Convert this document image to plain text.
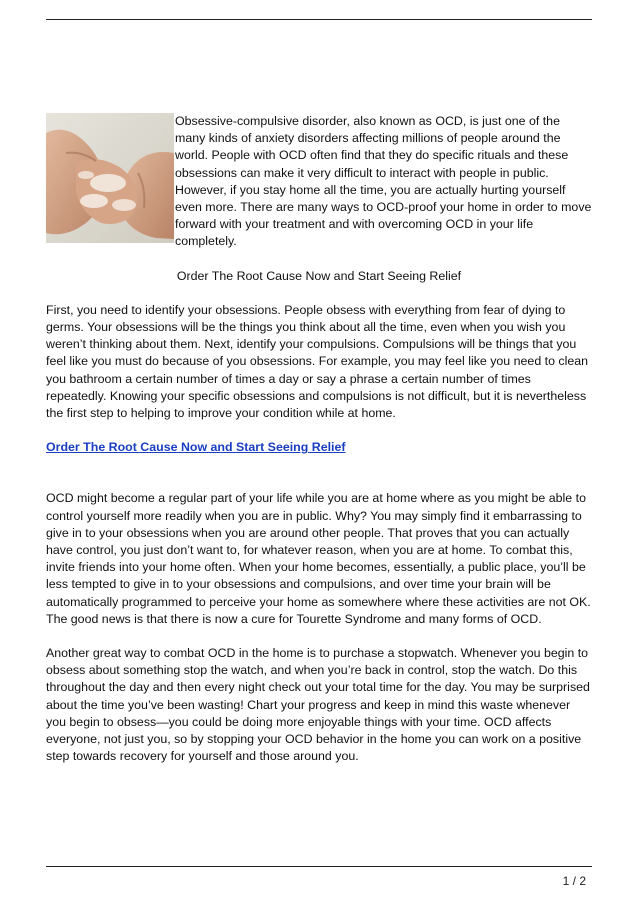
Obsessive-compulsive disorder, also known as OCD, is just one of the many kinds of anxiety disorders affecting millions of people around the world. People with OCD often find that they do specific rituals and these obsessions can make it very difficult to interact with people in public. However, if you stay home all the time, you are actually hurting yourself even more. There are many ways to OCD-proof your home in order to move forward with your treatment and with overcoming OCD in your life completely.

Order The Root Cause Now and Start Seeing Relief

First, you need to identify your obsessions. People obsess with everything from fear of dying to germs. Your obsessions will be the things you think about all the time, even when you wish you weren’t thinking about them. Next, identify your compulsions. Compulsions will be things that you feel like you must do because of you obsessions. For example, you may feel like you need to clean you bathroom a certain number of times a day or say a phrase a certain number of times repeatedly. Knowing your specific obsessions and compulsions is not difficult, but it is nevertheless the first step to helping to improve your condition while at home.

Order The Root Cause Now and Start Seeing Relief

OCD might become a regular part of your life while you are at home where as you might be able to control yourself more readily when you are in public. Why? You may simply find it embarrassing to give in to your obsessions when you are around other people. That proves that you can actually have control, you just don’t want to, for whatever reason, when you are at home. To combat this, invite friends into your home often. When your home becomes, essentially, a public place, you’ll be less tempted to give in to your obsessions and compulsions, and over time your brain will be automatically programmed to perceive your home as somewhere where these activities are not OK. The good news is that there is now a cure for Tourette Syndrome and many forms of OCD.

Another great way to combat OCD in the home is to purchase a stopwatch. Whenever you begin to obsess about something stop the watch, and when you’re back in control, stop the watch. Do this throughout the day and then every night check out your total time for the day. You may be surprised about the time you’ve been wasting! Chart your progress and keep in mind this waste whenever you begin to obsess—you could be doing more enjoyable things with your time. OCD affects everyone, not just you, so by stopping your OCD behavior in the home you can work on a positive step towards recovery for yourself and those around you.

1 / 2
